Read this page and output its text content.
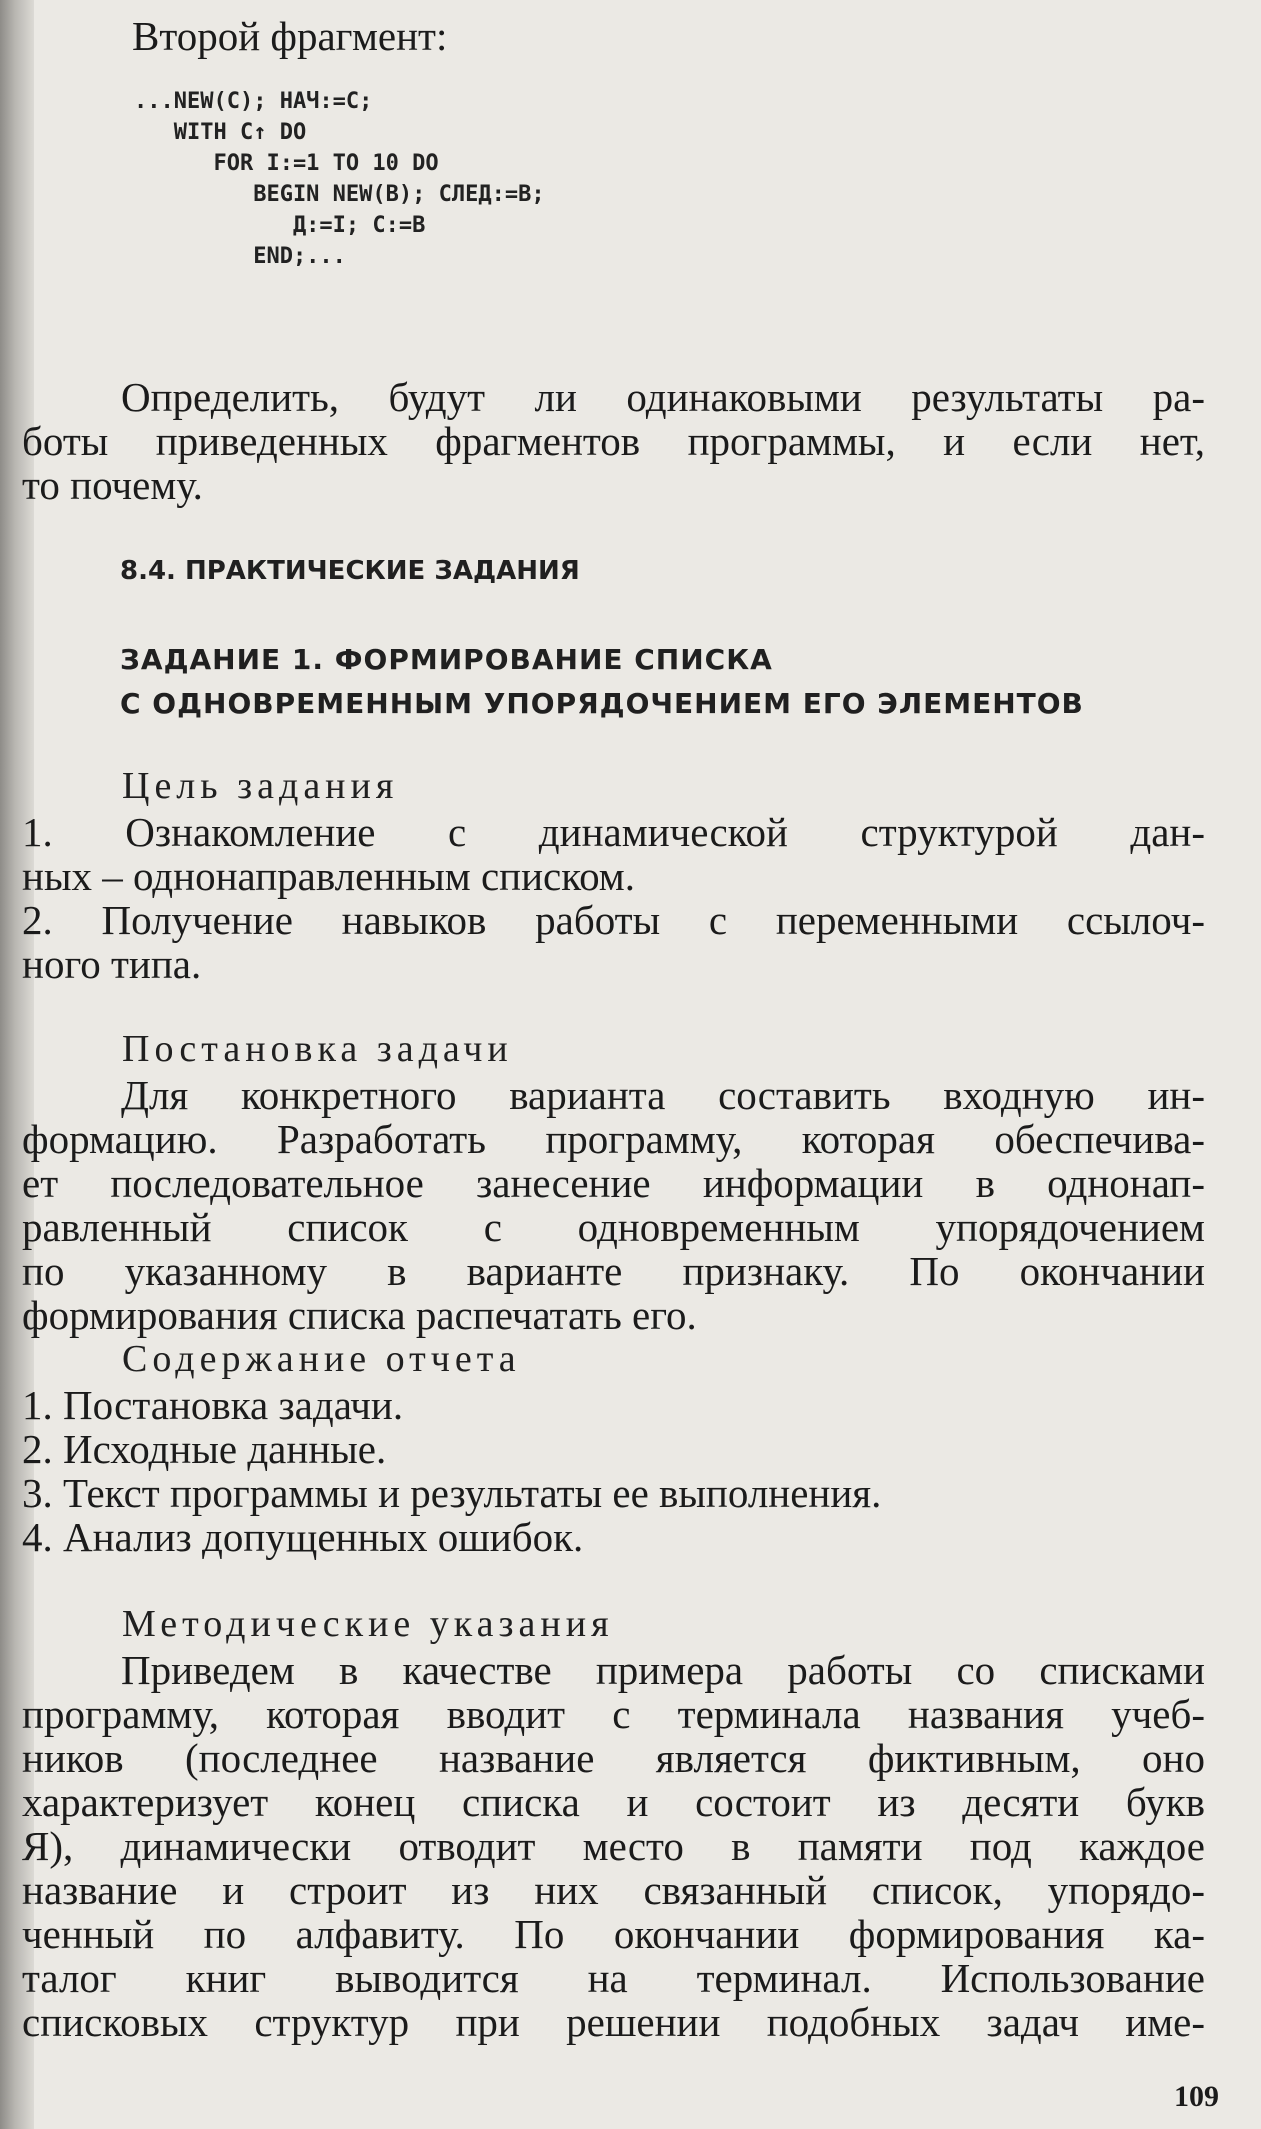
Второй фрагмент:
...NEW(C); НАЧ:=C;
WITH C↑ DO
FOR I:=1 TO 10 DO
BEGIN NEW(B); СЛЕД:=B;
Д:=I; C:=B
END;...
Определить, будут ли одинаковыми результаты ра-
боты приведенных фрагментов программы, и если нет,
то почему.
8.4. ПРАКТИЧЕСКИЕ ЗАДАНИЯ
ЗАДАНИЕ 1. ФОРМИРОВАНИЕ СПИСКА
С ОДНОВРЕМЕННЫМ УПОРЯДОЧЕНИЕМ ЕГО ЭЛЕМЕНТОВ
Цель задания
1. Ознакомление с динамической структурой дан-
ных – однонаправленным списком.
2. Получение навыков работы с переменными ссылоч-
ного типа.
Постановка задачи
Для конкретного варианта составить входную ин-
формацию. Разработать программу, которая обеспечива-
ет последовательное занесение информации в однонап-
равленный список с одновременным упорядочением
по указанному в варианте признаку. По окончании
формирования списка распечатать его.
Содержание отчета
1. Постановка задачи.
2. Исходные данные.
3. Текст программы и результаты ее выполнения.
4. Анализ допущенных ошибок.
Методические указания
Приведем в качестве примера работы со списками
программу, которая вводит с терминала названия учеб-
ников (последнее название является фиктивным, оно
характеризует конец списка и состоит из десяти букв
Я), динамически отводит место в памяти под каждое
название и строит из них связанный список, упорядо-
ченный по алфавиту. По окончании формирования ка-
талог книг выводится на терминал. Использование
списковых структур при решении подобных задач име-
109
